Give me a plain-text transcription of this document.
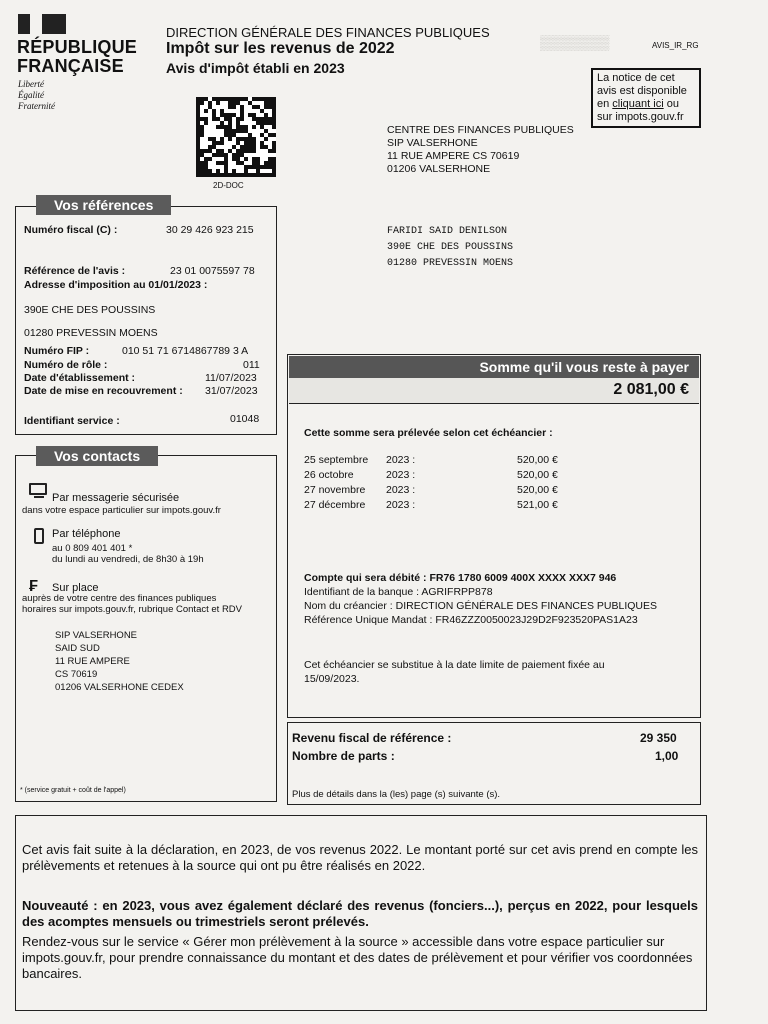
RÉPUBLIQUE
FRANÇAISE
Liberté
Égalité
Fraternité
DIRECTION GÉNÉRALE DES FINANCES PUBLIQUES
Impôt sur les revenus de 2022
Avis d'impôt établi en 2023
AVIS_IR_RG
La notice de cet
avis est disponible
en cliquant ici ou
sur impots.gouv.fr
2D-DOC
CENTRE DES FINANCES PUBLIQUES
SIP VALSERHONE
11 RUE AMPERE CS 70619
01206 VALSERHONE
FARIDI SAID DENILSON
390E CHE DES POUSSINS
01280 PREVESSIN MOENS
Vos références
Numéro fiscal (C) :	30 29 426 923 215
Référence de l'avis :	23 01 0075597 78
Adresse d'imposition au 01/01/2023 :
390E CHE DES POUSSINS
01280 PREVESSIN MOENS
Numéro FIP :	010 51 71 6714867789 3 A
Numéro de rôle :	011
Date d'établissement :	11/07/2023
Date de mise en recouvrement : 31/07/2023
Identifiant service :	01048
Vos contacts
Par messagerie sécurisée
dans votre espace particulier sur impots.gouv.fr
Par téléphone
au 0 809 401 401 *
du lundi au vendredi, de 8h30 à 19h
₣ Sur place
auprès de votre centre des finances publiques
horaires sur impots.gouv.fr, rubrique Contact et RDV
SIP VALSERHONE
SAID SUD
11 RUE AMPERE
CS 70619
01206 VALSERHONE CEDEX
* (service gratuit + coût de l'appel)
Somme qu'il vous reste à payer
2 081,00 €
Cette somme sera prélevée selon cet échéancier :
25 septembre 2023 :	520,00 €
26 octobre	2023 :	520,00 €
27 novembre 2023 :	520,00 €
27 décembre 2023 :	521,00 €
Compte qui sera débité : FR76 1780 6009 400X XXXX XXX7 946
Identifiant de la banque : AGRIFRPP878
Nom du créancier : DIRECTION GÉNÉRALE DES FINANCES PUBLIQUES
Référence Unique Mandat : FR46ZZZ0050023J29D2F923520PAS1A23
Cet échéancier se substitue à la date limite de paiement fixée au
15/09/2023.
Revenu fiscal de référence :	29 350
Nombre de parts :	1,00
Plus de détails dans la (les) page (s) suivante (s).
Cet avis fait suite à la déclaration, en 2023, de vos revenus 2022. Le montant porté sur cet avis prend en compte les prélèvements et retenues à la source qui ont pu être réalisés en 2022.
Nouveauté : en 2023, vous avez également déclaré des revenus (fonciers...), perçus en 2022, pour lesquels des acomptes mensuels ou trimestriels seront prélevés.
Rendez-vous sur le service « Gérer mon prélèvement à la source » accessible dans votre espace particulier sur impots.gouv.fr, pour prendre connaissance du montant et des dates de prélèvement et pour vérifier vos coordonnées bancaires.
▒▒▒▒▒▒▒
